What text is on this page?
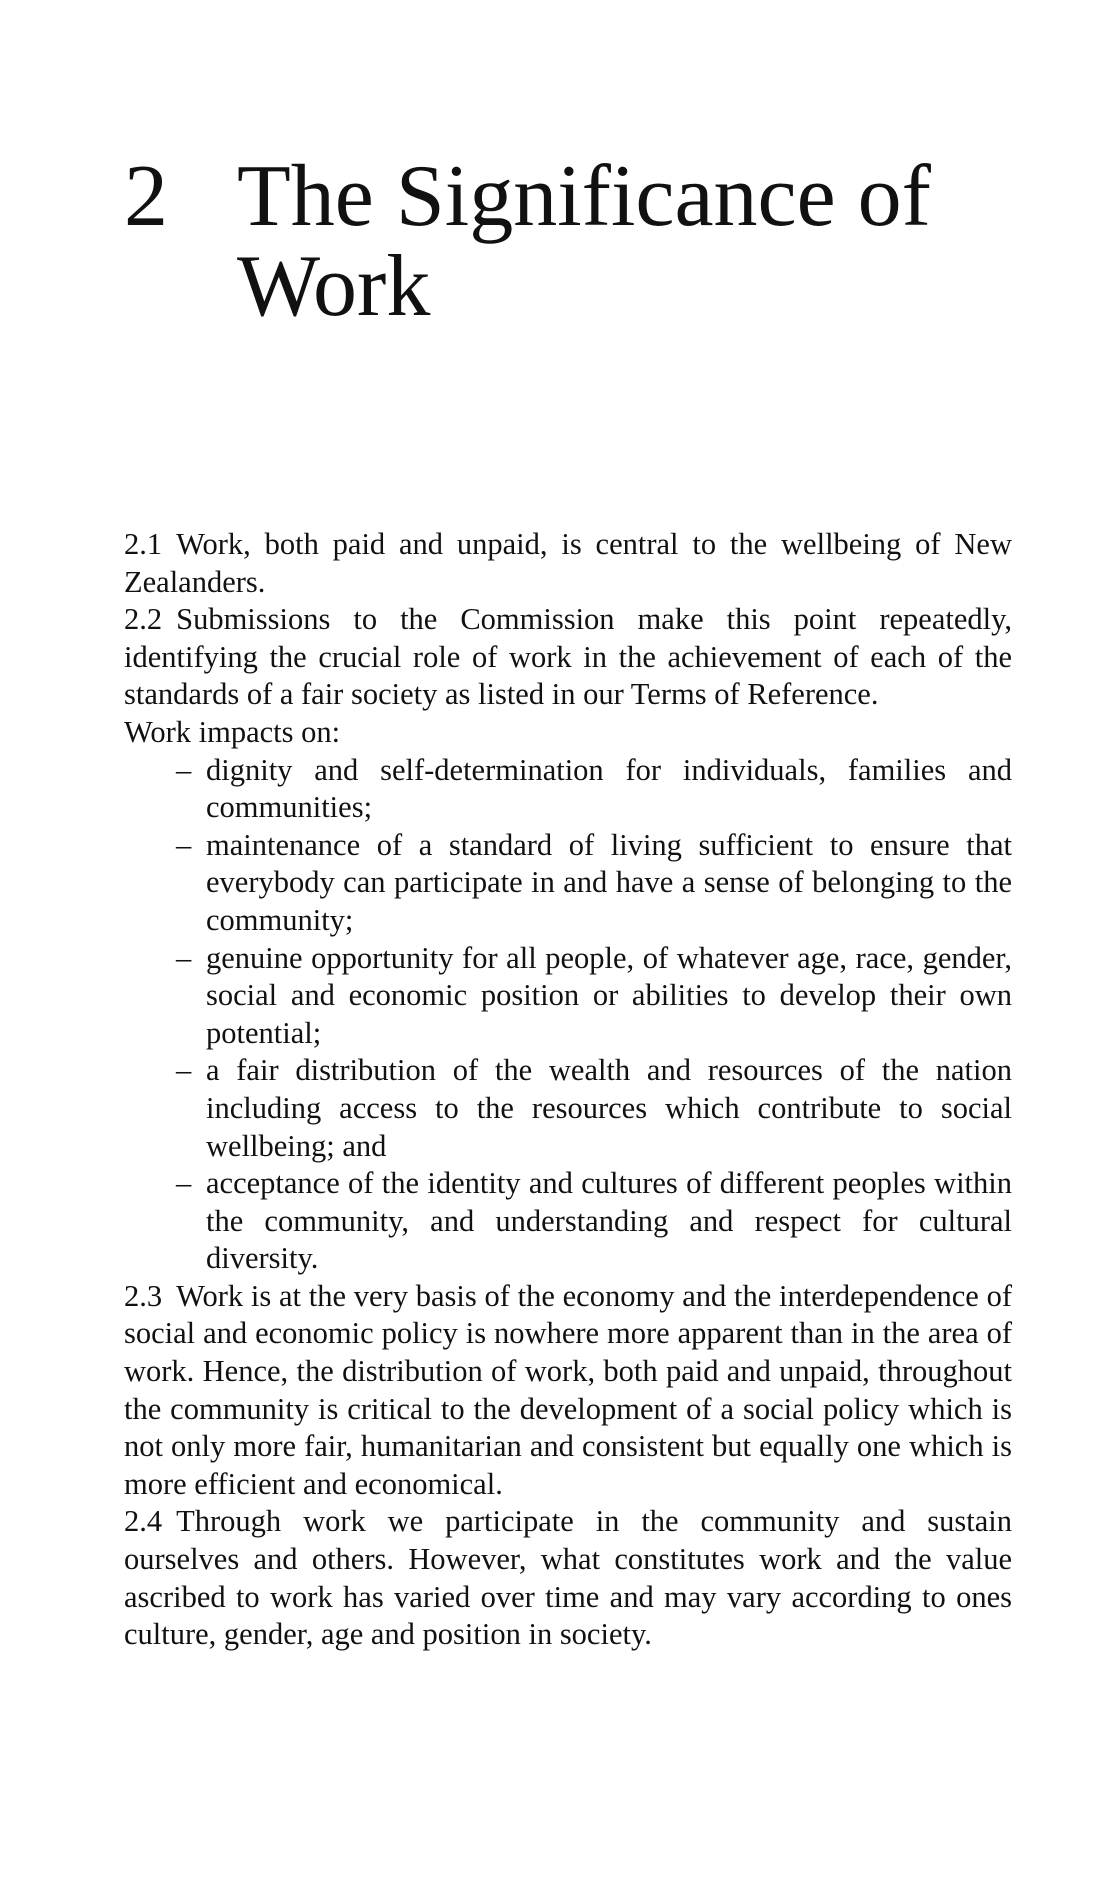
2 The Significance of Work

2.1 Work, both paid and unpaid, is central to the wellbeing of New Zealanders.

2.2 Submissions to the Commission make this point repeatedly, identifying the crucial role of work in the achievement of each of the standards of a fair society as listed in our Terms of Reference.

Work impacts on:

– dignity and self-determination for individuals, families and communities;
– maintenance of a standard of living sufficient to ensure that everybody can participate in and have a sense of belonging to the community;
– genuine opportunity for all people, of whatever age, race, gender, social and economic position or abilities to develop their own potential;
– a fair distribution of the wealth and resources of the nation including access to the resources which contribute to social wellbeing; and
– acceptance of the identity and cultures of different peoples within the community, and understanding and respect for cultural diversity.

2.3 Work is at the very basis of the economy and the interdependence of social and economic policy is nowhere more apparent than in the area of work. Hence, the distribution of work, both paid and unpaid, throughout the community is critical to the development of a social policy which is not only more fair, humanitarian and consistent but equally one which is more efficient and economical.

2.4 Through work we participate in the community and sustain ourselves and others. However, what constitutes work and the value ascribed to work has varied over time and may vary according to ones culture, gender, age and position in society.
